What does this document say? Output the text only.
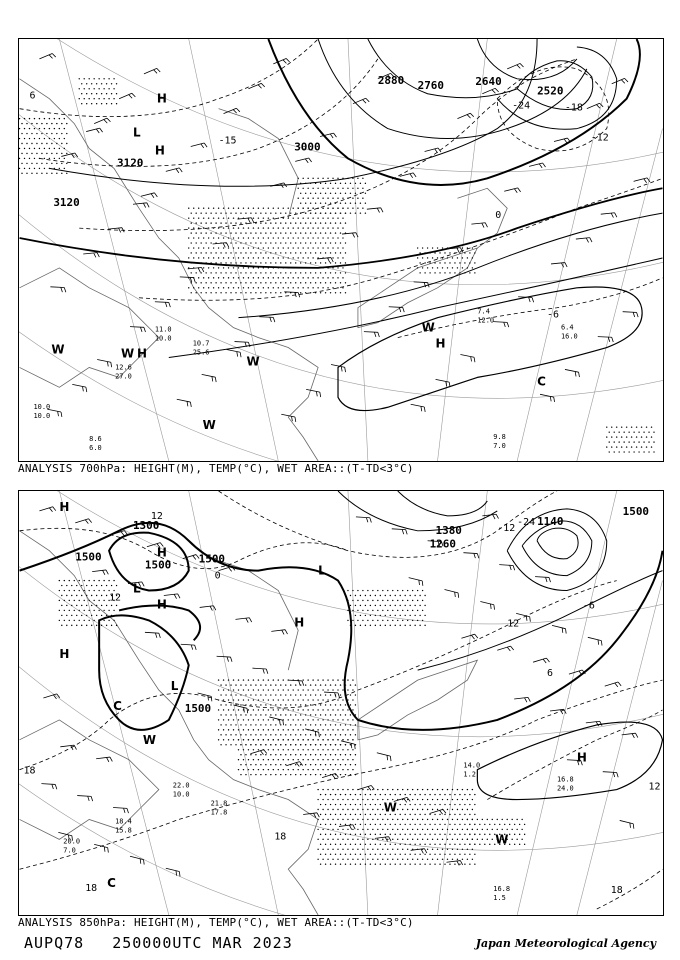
3120
3120
3000
2880 2760	2640
2520
-24	-18
-12
-6
0
6
-15
H
L
H
H
H
W	W
W
W
W
C
9.8
7.0
7.4
12.0
6.4
16.0
10.7
25.6
11.0
10.0
12.6
27.0
8.6
6.0
10.0
10.0
ANALYSIS 700hPa: HEIGHT(M), TEMP(°C), WET AREA::(T-TD<3°C)
1500
1300
1500 1500
1500
1380
1260
1140
1500
12
0
-12
-6
-24
12
18
12
18
6
18
12
18
H
L
H
L
H
H
L
H
W
W
W
C
C
H
14.0
1.2
16.8
24.0
16.8
1.5
21.8
17.8
22.0
10.0
18.4
15.8
20.0
7.0
ANALYSIS 850hPa: HEIGHT(M), TEMP(°C), WET AREA::(T-TD<3°C)
AUPQ78 250000UTC MAR 2023	Japan Meteorological Agency
